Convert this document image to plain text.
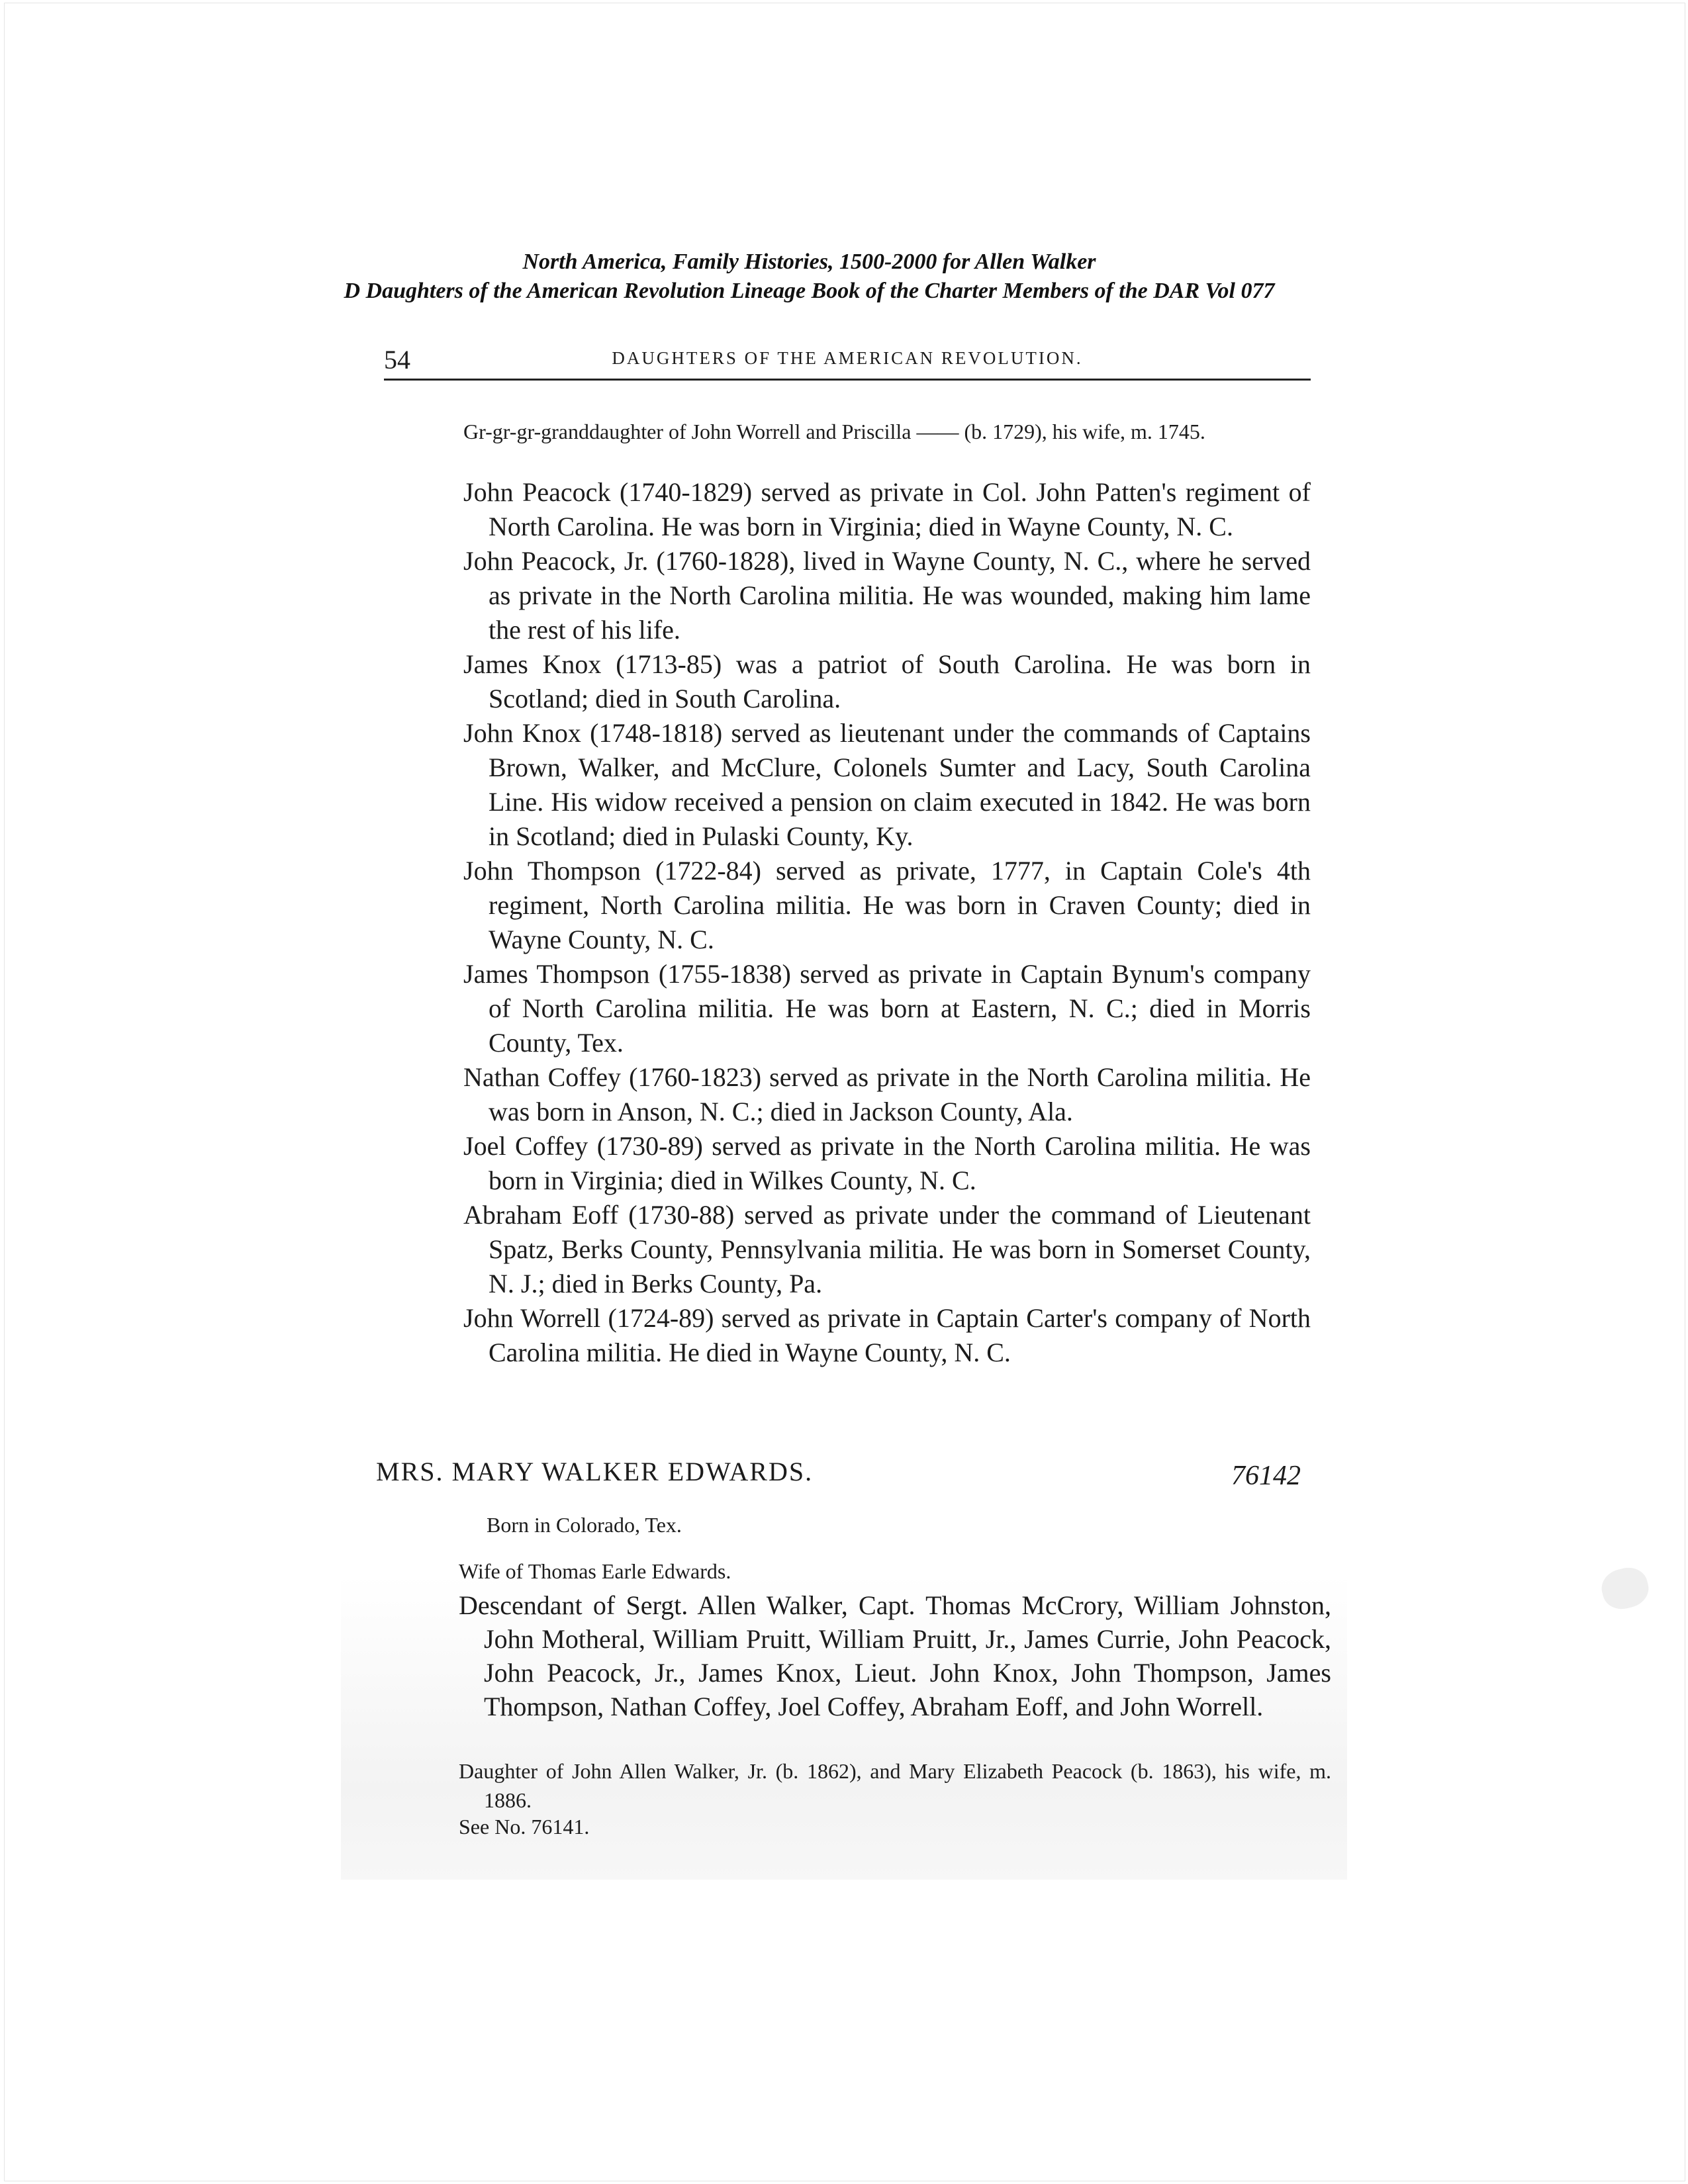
North America, Family Histories, 1500-2000 for Allen Walker
D Daughters of the American Revolution Lineage Book of the Charter Members of the DAR Vol 077
54	DAUGHTERS OF THE AMERICAN REVOLUTION.
Gr-gr-gr-granddaughter of John Worrell and Priscilla —— (b. 1729), his wife, m. 1745.

John Peacock (1740-1829) served as private in Col. John Patten's regiment of North Carolina. He was born in Virginia; died in Wayne County, N. C.

John Peacock, Jr. (1760-1828), lived in Wayne County, N. C., where he served as private in the North Carolina militia. He was wounded, making him lame the rest of his life.

James Knox (1713-85) was a patriot of South Carolina. He was born in Scotland; died in South Carolina.

John Knox (1748-1818) served as lieutenant under the commands of Captains Brown, Walker, and McClure, Colonels Sumter and Lacy, South Carolina Line. His widow received a pension on claim executed in 1842. He was born in Scotland; died in Pulaski County, Ky.

John Thompson (1722-84) served as private, 1777, in Captain Cole's 4th regiment, North Carolina militia. He was born in Craven County; died in Wayne County, N. C.

James Thompson (1755-1838) served as private in Captain Bynum's company of North Carolina militia. He was born at Eastern, N. C.; died in Morris County, Tex.

Nathan Coffey (1760-1823) served as private in the North Carolina militia. He was born in Anson, N. C.; died in Jackson County, Ala.

Joel Coffey (1730-89) served as private in the North Carolina militia. He was born in Virginia; died in Wilkes County, N. C.

Abraham Eoff (1730-88) served as private under the command of Lieutenant Spatz, Berks County, Pennsylvania militia. He was born in Somerset County, N. J.; died in Berks County, Pa.

John Worrell (1724-89) served as private in Captain Carter's company of North Carolina militia. He died in Wayne County, N. C.

MRS. MARY WALKER EDWARDS.	76142
Born in Colorado, Tex.
Wife of Thomas Earle Edwards.
Descendant of Sergt. Allen Walker, Capt. Thomas McCrory, William Johnston, John Motheral, William Pruitt, William Pruitt, Jr., James Currie, John Peacock, John Peacock, Jr., James Knox, Lieut. John Knox, John Thompson, James Thompson, Nathan Coffey, Joel Coffey, Abraham Eoff, and John Worrell.
Daughter of John Allen Walker, Jr. (b. 1862), and Mary Elizabeth Peacock (b. 1863), his wife, m. 1886.
See No. 76141.
